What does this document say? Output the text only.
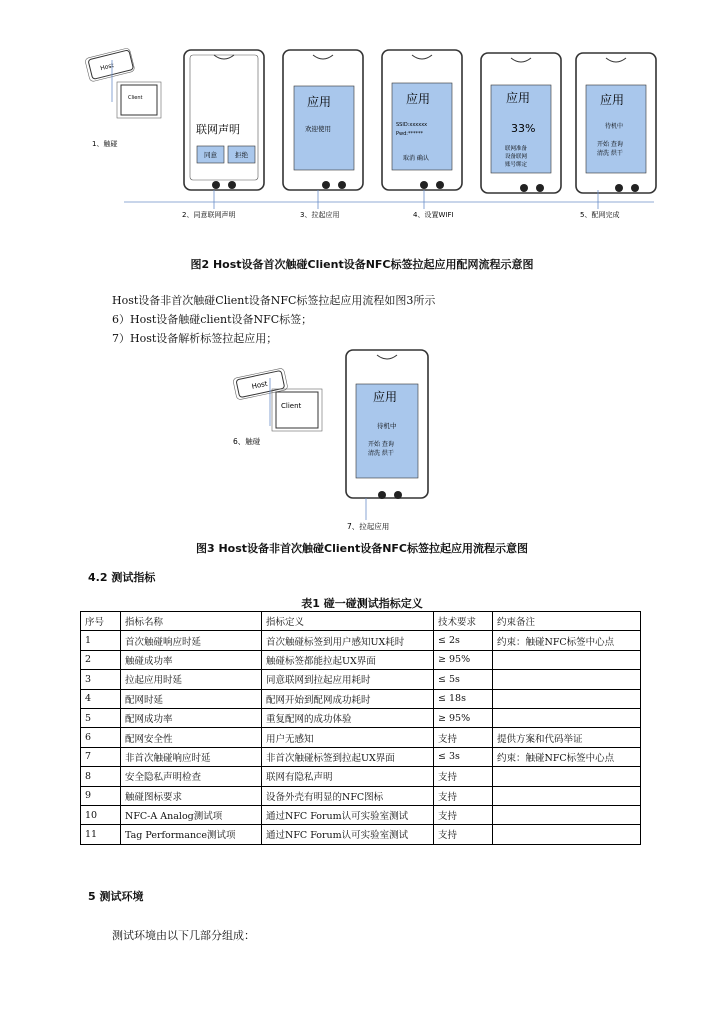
Host
Client
1、触碰
联网声明
同意	拒绝
应用
欢迎使用
应用
SSID:xxxxxx
Pwd:******
取消 确认
应用
33%
联网准备
设备联网
账号绑定
应用
待机中
开始 查询
清洗 烘干
2、同意联网声明	3、拉起应用	4、设置WIFI	5、配网完成
图2 Host设备首次触碰Client设备NFC标签拉起应用配网流程示意图
Host设备非首次触碰Client设备NFC标签拉起应用流程如图3所示
6）Host设备触碰client设备NFC标签；
7）Host设备解析标签拉起应用；
Host
Client
6、触碰
应用
待机中
开始 查询
清洗 烘干
7、拉起应用
图3 Host设备非首次触碰Client设备NFC标签拉起应用流程示意图
4.2 测试指标
表1 碰一碰测试指标定义
序号	指标名称	指标定义	技术要求	约束备注
1	首次触碰响应时延	首次触碰标签到用户感知UX耗时	≤ 2s	约束：触碰NFC标签中心点
2	触碰成功率	触碰标签都能拉起UX界面	≥ 95%	
3	拉起应用时延	同意联网到拉起应用耗时	≤ 5s	
4	配网时延	配网开始到配网成功耗时	≤ 18s	
5	配网成功率	重复配网的成功体验	≥ 95%	
6	配网安全性	用户无感知	支持	提供方案和代码举证
7	非首次触碰响应时延	非首次触碰标签到拉起UX界面	≤ 3s	约束：触碰NFC标签中心点
8	安全隐私声明检查	联网有隐私声明	支持	
9	触碰图标要求	设备外壳有明显的NFC图标	支持	
10	NFC-A Analog测试项	通过NFC Forum认可实验室测试	支持	
11	Tag Performance测试项	通过NFC Forum认可实验室测试	支持	
5 测试环境
测试环境由以下几部分组成：
